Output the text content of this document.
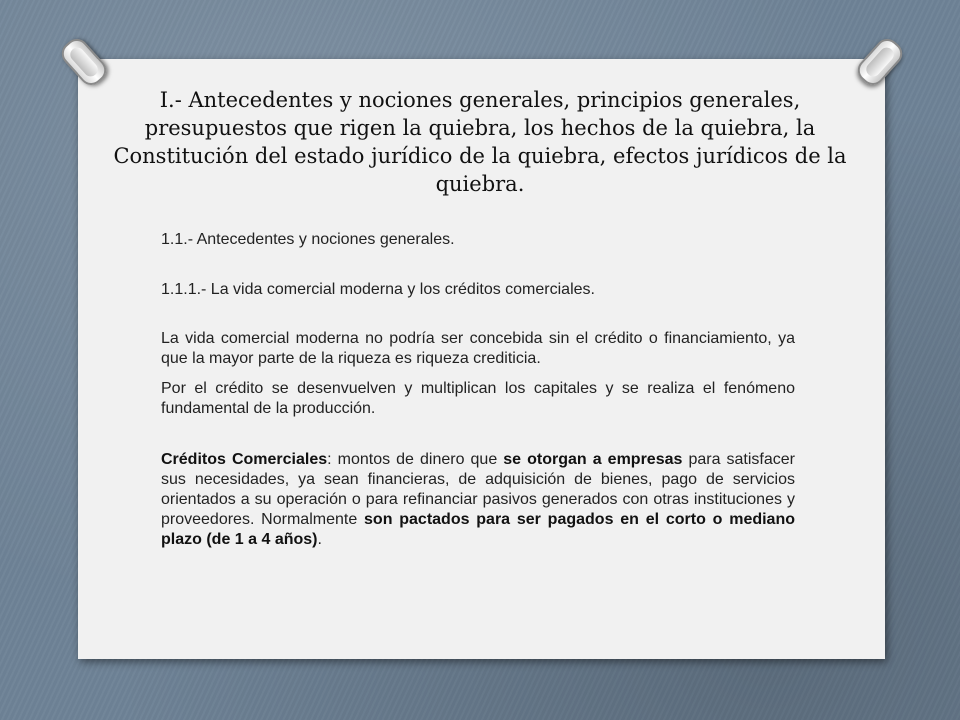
I.- Antecedentes y nociones generales, principios generales, presupuestos que rigen la quiebra, los hechos de la quiebra, la Constitución del estado jurídico de la quiebra, efectos jurídicos de la quiebra.

1.1.- Antecedentes y nociones generales.

1.1.1.- La vida comercial moderna y los créditos comerciales.

La vida comercial moderna no podría ser concebida sin el crédito o financiamiento, ya que la mayor parte de la riqueza es riqueza crediticia.

Por el crédito se desenvuelven y multiplican los capitales y se realiza el fenómeno fundamental de la producción.

Créditos Comerciales: montos de dinero que se otorgan a empresas para satisfacer sus necesidades, ya sean financieras, de adquisición de bienes, pago de servicios orientados a su operación o para refinanciar pasivos generados con otras instituciones y proveedores. Normalmente son pactados para ser pagados en el corto o mediano plazo (de 1 a 4 años).
